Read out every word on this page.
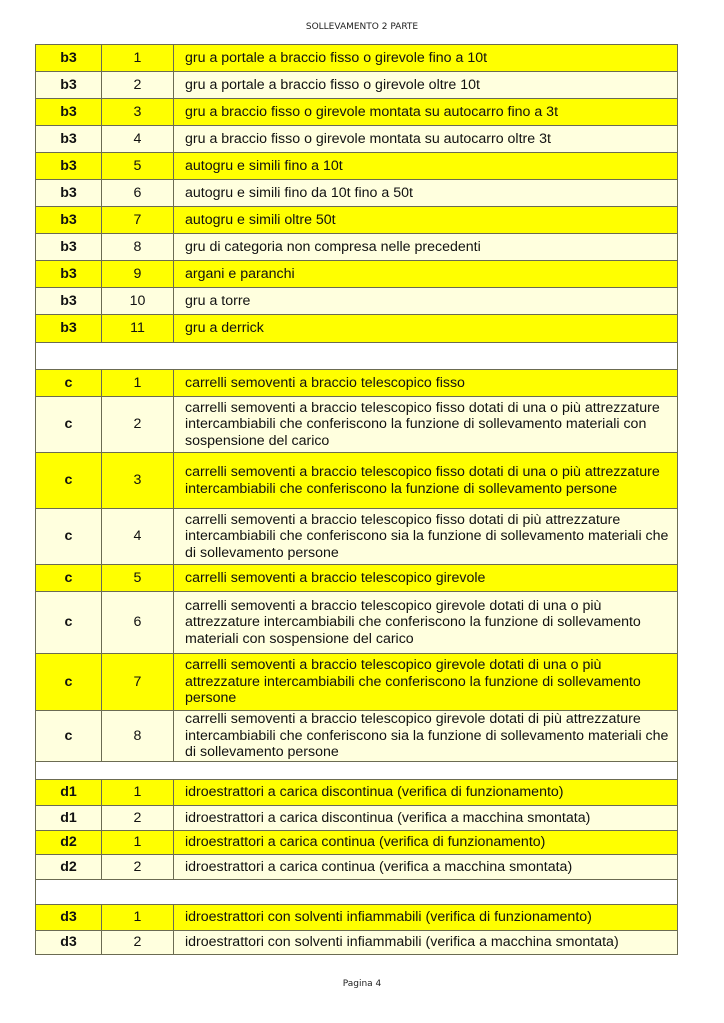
SOLLEVAMENTO 2 PARTE
b3	1	gru a portale a braccio fisso o girevole fino a 10t
b3	2	gru a portale a braccio fisso o girevole oltre 10t
b3	3	gru a braccio fisso o girevole montata su autocarro fino a 3t
b3	4	gru a braccio fisso o girevole montata su autocarro oltre 3t
b3	5	autogru e simili fino a 10t
b3	6	autogru e simili fino da 10t fino a 50t
b3	7	autogru e simili oltre 50t
b3	8	gru di categoria non compresa nelle precedenti
b3	9	argani e paranchi
b3	10	gru a torre
b3	11	gru a derrick

c	1	carrelli semoventi a braccio telescopico fisso
c	2	carrelli semoventi a braccio telescopico fisso dotati di una o più attrezzature intercambiabili che conferiscono la funzione di sollevamento materiali con sospensione del carico
c	3	carrelli semoventi a braccio telescopico fisso dotati di una o più attrezzature intercambiabili che conferiscono la funzione di sollevamento persone
c	4	carrelli semoventi a braccio telescopico fisso dotati di più attrezzature intercambiabili che conferiscono sia la funzione di sollevamento materiali che di sollevamento persone
c	5	carrelli semoventi a braccio telescopico girevole
c	6	carrelli semoventi a braccio telescopico girevole dotati di una o più attrezzature intercambiabili che conferiscono la funzione di sollevamento materiali con sospensione del carico
c	7	carrelli semoventi a braccio telescopico girevole dotati di una o più attrezzature intercambiabili che conferiscono la funzione di sollevamento persone
c	8	carrelli semoventi a braccio telescopico girevole dotati di più attrezzature intercambiabili che conferiscono sia la funzione di sollevamento materiali che di sollevamento persone

d1	1	idroestrattori a carica discontinua (verifica di funzionamento)
d1	2	idroestrattori a carica discontinua (verifica a macchina smontata)
d2	1	idroestrattori a carica continua (verifica di funzionamento)
d2	2	idroestrattori a carica continua (verifica a macchina smontata)

d3	1	idroestrattori con solventi infiammabili (verifica di funzionamento)
d3	2	idroestrattori con solventi infiammabili (verifica a macchina smontata)
Pagina 4
